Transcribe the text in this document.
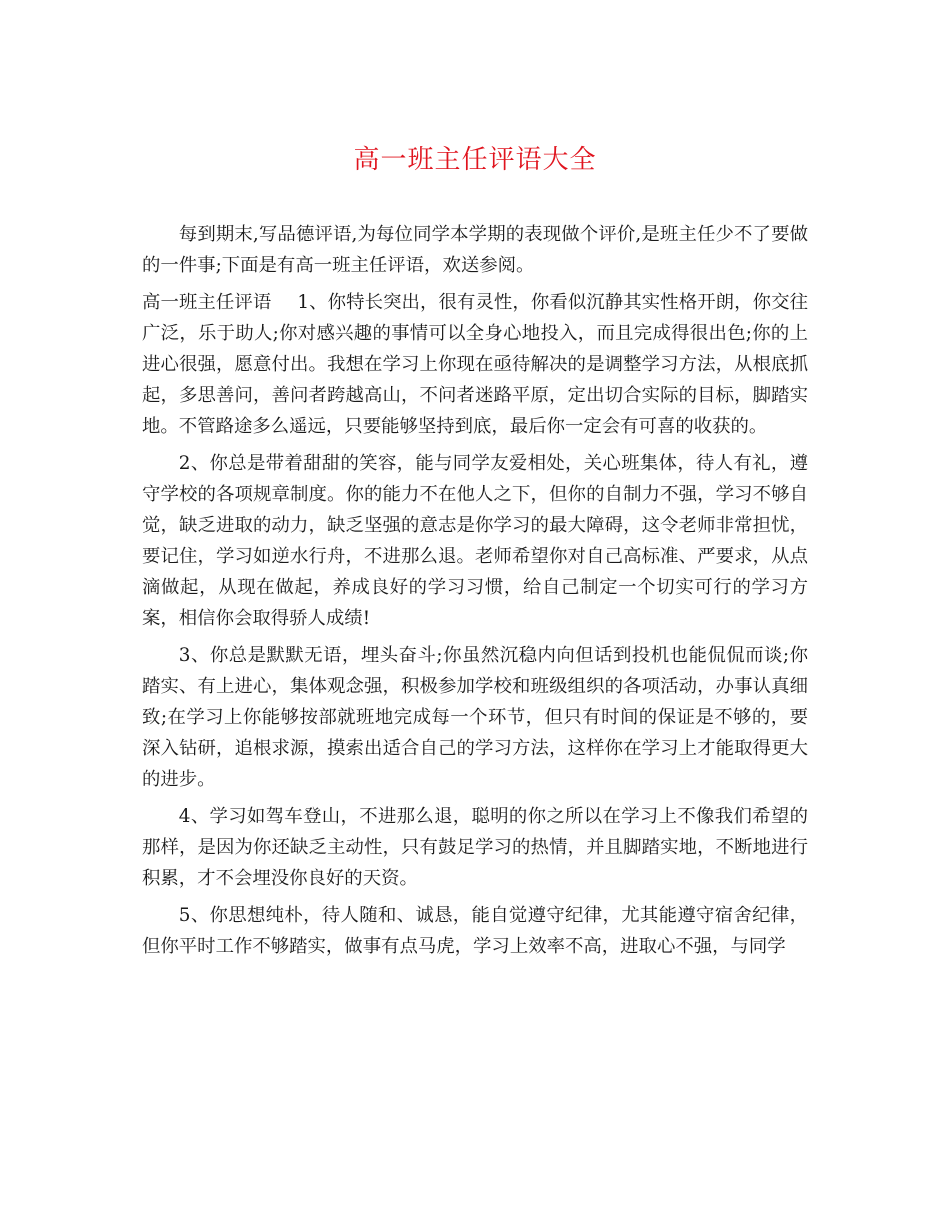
高一班主任评语大全

每到期末,写品德评语,为每位同学本学期的表现做个评价,是班主任少不了要做的一件事;下面是有高一班主任评语，欢送参阅。

高一班主任评语 1、你特长突出，很有灵性，你看似沉静其实性格开朗，你交往广泛，乐于助人;你对感兴趣的事情可以全身心地投入，而且完成得很出色;你的上进心很强，愿意付出。我想在学习上你现在亟待解决的是调整学习方法，从根底抓起，多思善问，善问者跨越高山，不问者迷路平原，定出切合实际的目标，脚踏实地。不管路途多么遥远，只要能够坚持到底，最后你一定会有可喜的收获的。

2、你总是带着甜甜的笑容，能与同学友爱相处，关心班集体，待人有礼，遵守学校的各项规章制度。你的能力不在他人之下，但你的自制力不强，学习不够自觉，缺乏进取的动力，缺乏坚强的意志是你学习的最大障碍，这令老师非常担忧，要记住，学习如逆水行舟，不进那么退。老师希望你对自己高标准、严要求，从点滴做起，从现在做起，养成良好的学习习惯，给自己制定一个切实可行的学习方案，相信你会取得骄人成绩!

3、你总是默默无语，埋头奋斗;你虽然沉稳内向但话到投机也能侃侃而谈;你踏实、有上进心，集体观念强，积极参加学校和班级组织的各项活动，办事认真细致;在学习上你能够按部就班地完成每一个环节，但只有时间的保证是不够的，要深入钻研，追根求源，摸索出适合自己的学习方法，这样你在学习上才能取得更大的进步。

4、学习如驾车登山，不进那么退，聪明的你之所以在学习上不像我们希望的那样，是因为你还缺乏主动性，只有鼓足学习的热情，并且脚踏实地，不断地进行积累，才不会埋没你良好的天资。

5、你思想纯朴，待人随和、诚恳，能自觉遵守纪律，尤其能遵守宿舍纪律，但你平时工作不够踏实，做事有点马虎，学习上效率不高，进取心不强，与同学
